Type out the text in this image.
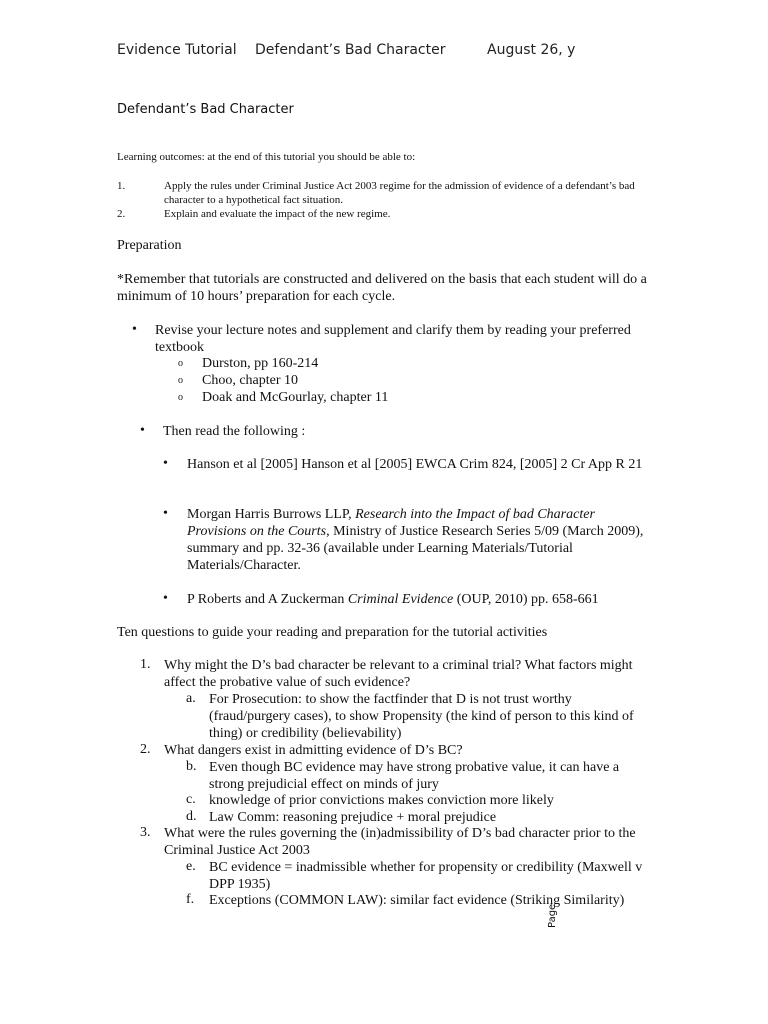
Evidence Tutorial Defendant’s Bad Character	August 26, y
Defendant’s Bad Character
Learning outcomes: at the end of this tutorial you should be able to:
1.	Apply the rules under Criminal Justice Act 2003 regime for the admission of evidence of a defendant’s bad character to a hypothetical fact situation.
2.	Explain and evaluate the impact of the new regime.
Preparation
*Remember that tutorials are constructed and delivered on the basis that each student will do a minimum of 10 hours’ preparation for each cycle.
• Revise your lecture notes and supplement and clarify them by reading your preferred textbook
o Durston, pp 160-214
o Choo, chapter 10
o Doak and McGourlay, chapter 11
• Then read the following :
• Hanson et al [2005] Hanson et al [2005] EWCA Crim 824, [2005] 2 Cr App R 21
• Morgan Harris Burrows LLP, Research into the Impact of bad Character Provisions on the Courts, Ministry of Justice Research Series 5/09 (March 2009), summary and pp. 32-36 (available under Learning Materials/Tutorial Materials/Character.
• P Roberts and A Zuckerman Criminal Evidence (OUP, 2010) pp. 658-661
Ten questions to guide your reading and preparation for the tutorial activities
1. Why might the D’s bad character be relevant to a criminal trial? What factors might affect the probative value of such evidence?
a. For Prosecution: to show the factfinder that D is not trust worthy (fraud/purgery cases), to show Propensity (the kind of person to this kind of thing) or credibility (believability)
2. What dangers exist in admitting evidence of D’s BC?
b. Even though BC evidence may have strong probative value, it can have a strong prejudicial effect on minds of jury
c. knowledge of prior convictions makes conviction more likely
d. Law Comm: reasoning prejudice + moral prejudice
3. What were the rules governing the (in)admissibility of D’s bad character prior to the Criminal Justice Act 2003
e. BC evidence = inadmissible whether for propensity or credibility (Maxwell v DPP 1935)
f. Exceptions (COMMON LAW): similar fact evidence (Striking Similarity)
Page
